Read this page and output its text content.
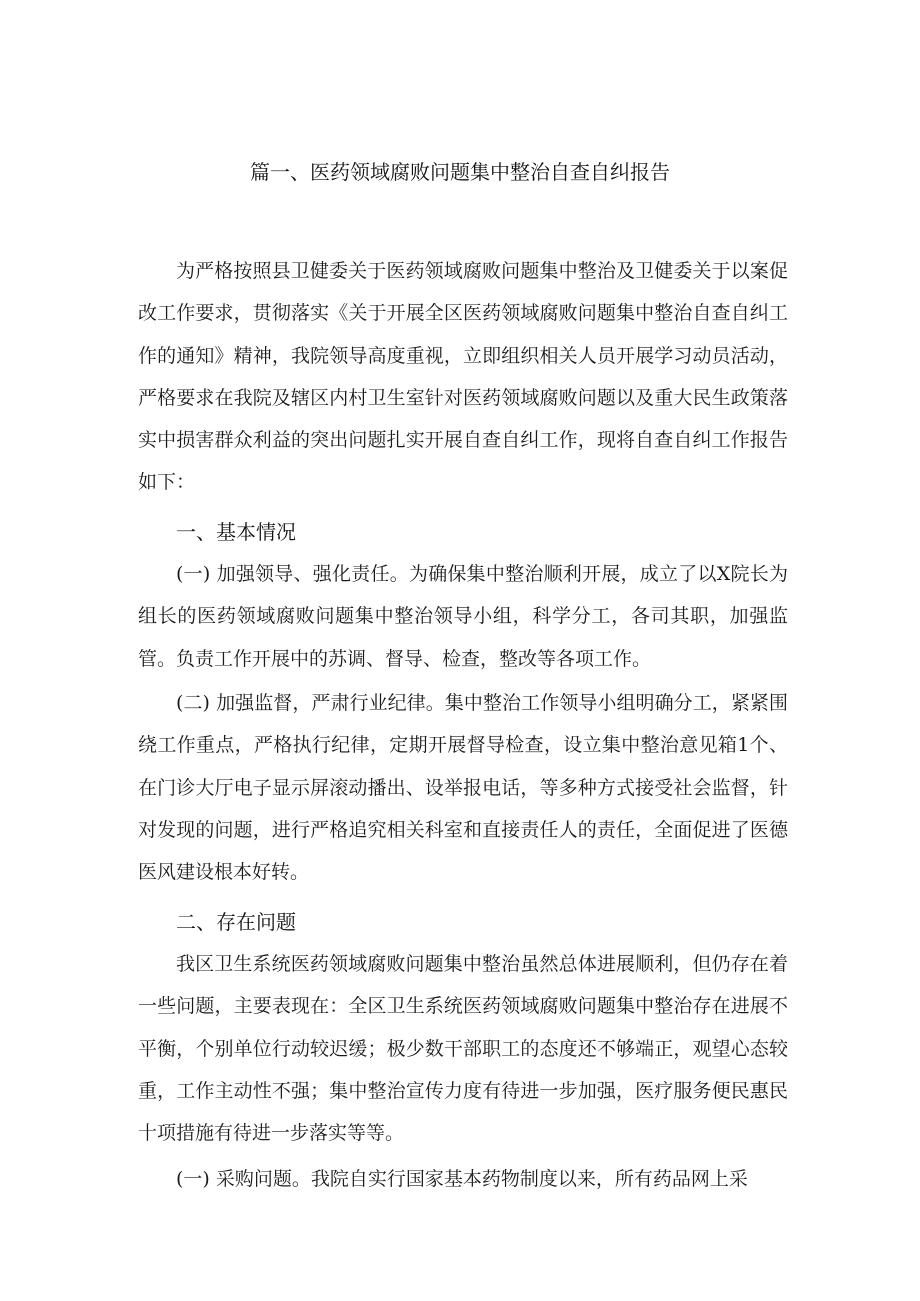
篇一、医药领域腐败问题集中整治自查自纠报告

为严格按照县卫健委关于医药领域腐败问题集中整治及卫健委关于以案促改工作要求，贯彻落实《关于开展全区医药领域腐败问题集中整治自查自纠工作的通知》精神，我院领导高度重视，立即组织相关人员开展学习动员活动，严格要求在我院及辖区内村卫生室针对医药领域腐败问题以及重大民生政策落实中损害群众利益的突出问题扎实开展自查自纠工作，现将自查自纠工作报告如下：

一、基本情况

(一) 加强领导、强化责任。为确保集中整治顺利开展，成立了以X院长为组长的医药领域腐败问题集中整治领导小组，科学分工，各司其职，加强监管。负责工作开展中的苏调、督导、检查，整改等各项工作。

(二) 加强监督，严肃行业纪律。集中整治工作领导小组明确分工，紧紧围绕工作重点，严格执行纪律，定期开展督导检查，设立集中整治意见箱1个、在门诊大厅电子显示屏滚动播出、设举报电话，等多种方式接受社会监督，针对发现的问题，进行严格追究相关科室和直接责任人的责任，全面促进了医德医风建设根本好转。

二、存在问题

我区卫生系统医药领域腐败问题集中整治虽然总体进展顺利，但仍存在着一些问题，主要表现在：全区卫生系统医药领域腐败问题集中整治存在进展不平衡，个别单位行动较迟缓；极少数干部职工的态度还不够端正，观望心态较重，工作主动性不强；集中整治宣传力度有待进一步加强，医疗服务便民惠民十项措施有待进一步落实等等。

(一) 采购问题。我院自实行国家基本药物制度以来，所有药品网上采
